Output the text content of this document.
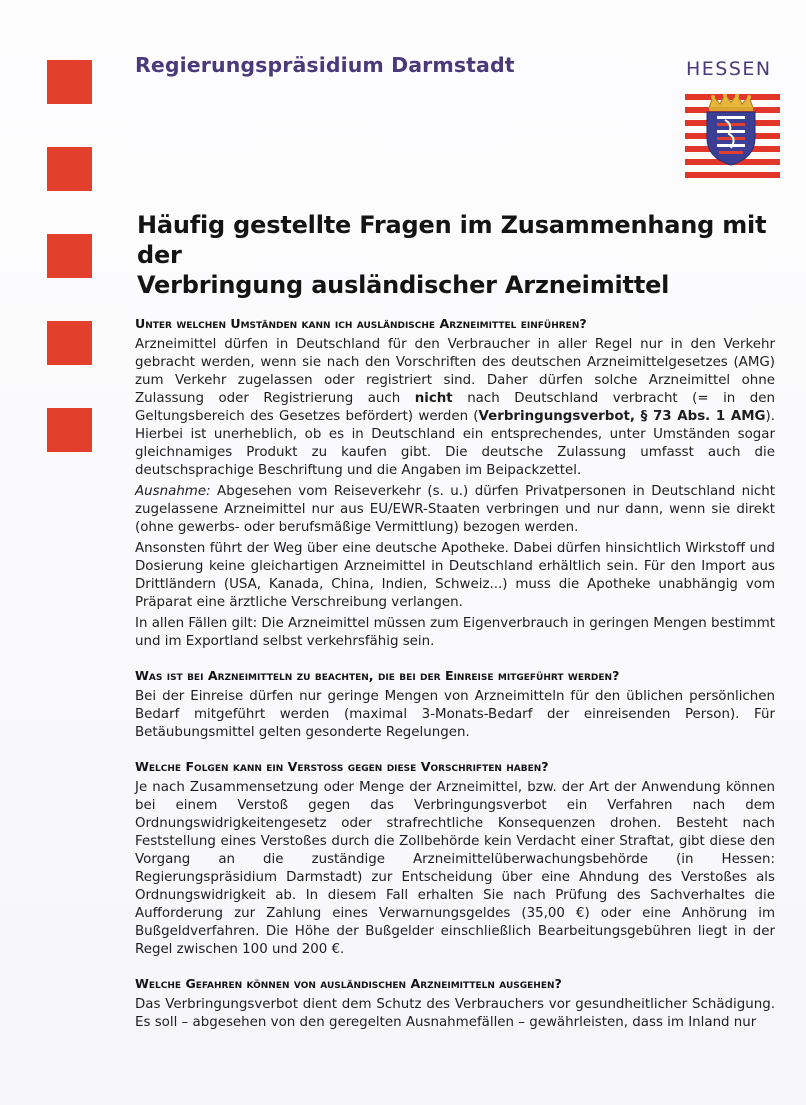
Regierungspräsidium Darmstadt	HESSEN
Häufig gestellte Fragen im Zusammenhang mit der
Verbringung ausländischer Arzneimittel
Unter welchen Umständen kann ich ausländische Arzneimittel einführen?

Arzneimittel dürfen in Deutschland für den Verbraucher in aller Regel nur in den Verkehr gebracht werden, wenn sie nach den Vorschriften des deutschen Arzneimittelgesetzes (AMG) zum Verkehr zugelassen oder registriert sind. Daher dürfen solche Arzneimittel ohne Zulassung oder Registrierung auch nicht nach Deutschland verbracht (= in den Geltungsbereich des Gesetzes befördert) werden (Verbringungsverbot, § 73 Abs. 1 AMG). Hierbei ist unerheblich, ob es in Deutschland ein entsprechendes, unter Umständen sogar gleichnamiges Produkt zu kaufen gibt. Die deutsche Zulassung umfasst auch die deutschsprachige Beschriftung und die Angaben im Beipackzettel.

Ausnahme: Abgesehen vom Reiseverkehr (s. u.) dürfen Privatpersonen in Deutschland nicht zugelassene Arzneimittel nur aus EU/EWR-Staaten verbringen und nur dann, wenn sie direkt (ohne gewerbs- oder berufsmäßige Vermittlung) bezogen werden.

Ansonsten führt der Weg über eine deutsche Apotheke. Dabei dürfen hinsichtlich Wirkstoff und Dosierung keine gleichartigen Arzneimittel in Deutschland erhältlich sein. Für den Import aus Drittländern (USA, Kanada, China, Indien, Schweiz...) muss die Apotheke unabhängig vom Präparat eine ärztliche Verschreibung verlangen.

In allen Fällen gilt: Die Arzneimittel müssen zum Eigenverbrauch in geringen Mengen bestimmt und im Exportland selbst verkehrsfähig sein.

Was ist bei Arzneimitteln zu beachten, die bei der Einreise mitgeführt werden?

Bei der Einreise dürfen nur geringe Mengen von Arzneimitteln für den üblichen persönlichen Bedarf mitgeführt werden (maximal 3-Monats-Bedarf der einreisenden Person). Für Betäubungsmittel gelten gesonderte Regelungen.

Welche Folgen kann ein Verstoß gegen diese Vorschriften haben?

Je nach Zusammensetzung oder Menge der Arzneimittel, bzw. der Art der Anwendung können bei einem Verstoß gegen das Verbringungsverbot ein Verfahren nach dem Ordnungswidrigkeitengesetz oder strafrechtliche Konsequenzen drohen. Besteht nach Feststellung eines Verstoßes durch die Zollbehörde kein Verdacht einer Straftat, gibt diese den Vorgang an die zuständige Arzneimittelüberwachungsbehörde (in Hessen: Regierungspräsidium Darmstadt) zur Entscheidung über eine Ahndung des Verstoßes als Ordnungswidrigkeit ab. In diesem Fall erhalten Sie nach Prüfung des Sachverhaltes die Aufforderung zur Zahlung eines Verwarnungsgeldes (35,00 €) oder eine Anhörung im Bußgeldverfahren. Die Höhe der Bußgelder einschließlich Bearbeitungsgebühren liegt in der Regel zwischen 100 und 200 €.

Welche Gefahren können von ausländischen Arzneimitteln ausgehen?

Das Verbringungsverbot dient dem Schutz des Verbrauchers vor gesundheitlicher Schädigung. Es soll – abgesehen von den geregelten Ausnahmefällen – gewährleisten, dass im Inland nur
